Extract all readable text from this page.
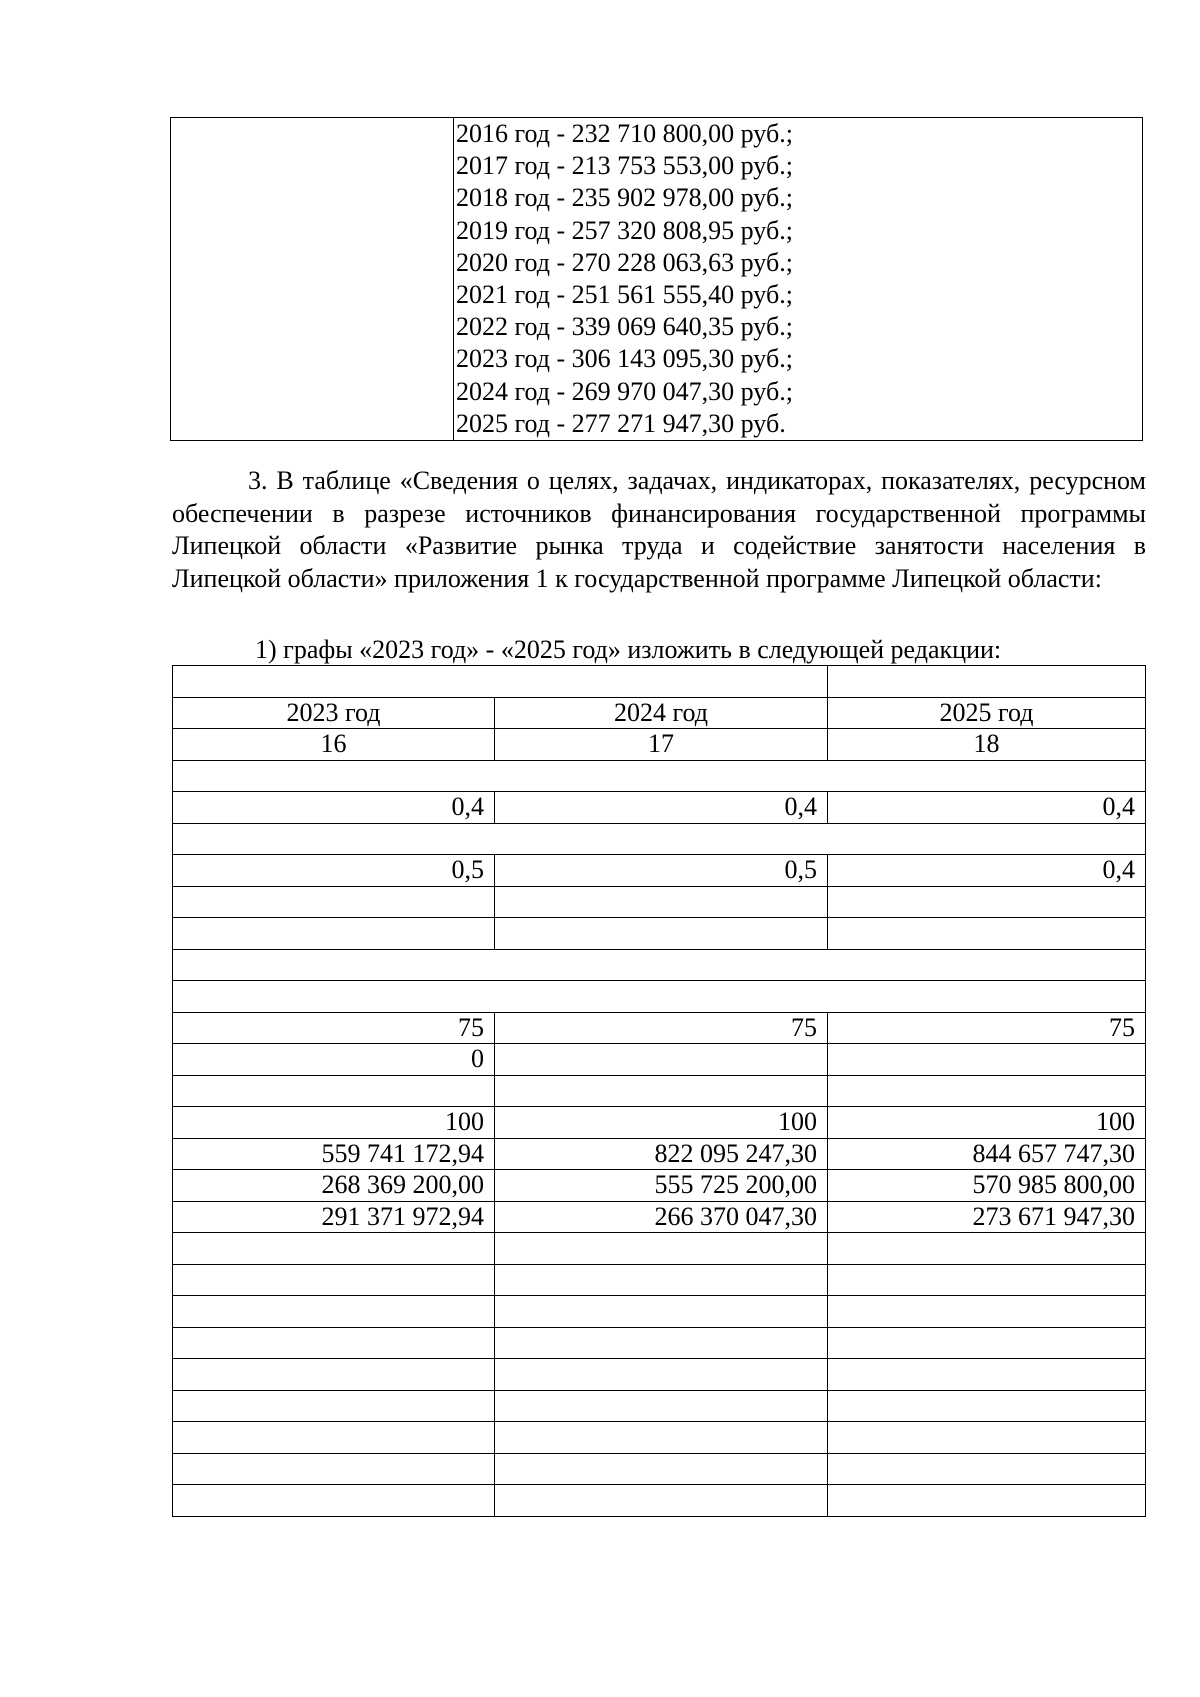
2016 год - 232 710 800,00 руб.;
2017 год - 213 753 553,00 руб.;
2018 год - 235 902 978,00 руб.;
2019 год - 257 320 808,95 руб.;
2020 год - 270 228 063,63 руб.;
2021 год - 251 561 555,40 руб.;
2022 год - 339 069 640,35 руб.;
2023 год - 306 143 095,30 руб.;
2024 год - 269 970 047,30 руб.;
2025 год - 277 271 947,30 руб.
3. В таблице «Сведения о целях, задачах, индикаторах, показателях, ресурсном обеспечении в разрезе источников финансирования государственной программы Липецкой области «Развитие рынка труда и содействие занятости населения в Липецкой области» приложения 1 к государственной программе Липецкой области:
1) графы «2023 год» - «2025 год» изложить в следующей редакции:

2023 год	2024 год	2025 год
16	17	18

0,4	0,4	0,4

0,5	0,5	0,4

75	75	75
0		

100	100	100
559 741 172,94	822 095 247,30	844 657 747,30
268 369 200,00	555 725 200,00	570 985 800,00
291 371 972,94	266 370 047,30	273 671 947,30
